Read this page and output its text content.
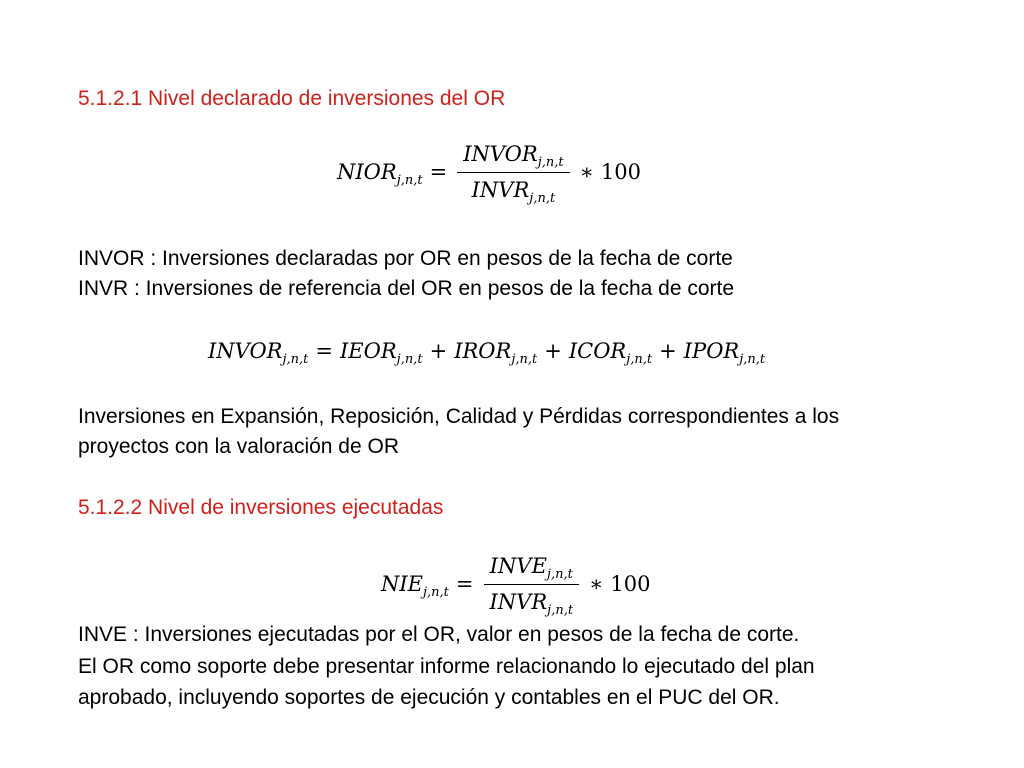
5.1.2.1 Nivel declarado de inversiones del OR
$NIOR_{j,n,t} = \frac{INVOR_{j,n,t}}{INVR_{j,n,t}}$ ∗ 100
INVOR : Inversiones declaradas por OR en pesos de la fecha de corte
INVR : Inversiones de referencia del OR en pesos de la fecha de corte
$INVOR_{j,n,t}$ = $IEOR_{j,n,t}$ + $IROR_{j,n,t}$ + $ICOR_{j,n,t}$ + $IPOR_{j,n,t}$
Inversiones en Expansión, Reposición, Calidad y Pérdidas correspondientes a los
proyectos con la valoración de OR
5.1.2.2 Nivel de inversiones ejecutadas
$NIE_{j,n,t} = \frac{INVE_{j,n,t}}{INVR_{j,n,t}}$ ∗ 100
INVE : Inversiones ejecutadas por el OR, valor en pesos de la fecha de corte.
El OR como soporte debe presentar informe relacionando lo ejecutado del plan
aprobado, incluyendo soportes de ejecución y contables en el PUC del OR.
